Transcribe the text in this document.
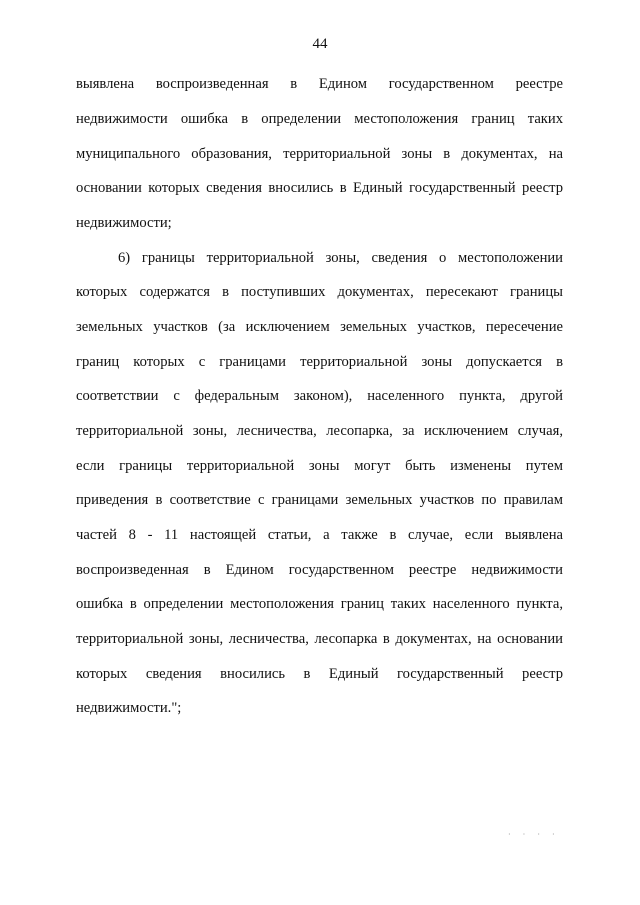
44
выявлена воспроизведенная в Едином государственном реестре
недвижимости ошибка в определении местоположения границ таких
муниципального образования, территориальной зоны в документах, на
основании которых сведения вносились в Единый государственный реестр
недвижимости;
6) границы территориальной зоны, сведения о местоположении
которых содержатся в поступивших документах, пересекают границы
земельных участков (за исключением земельных участков, пересечение
границ которых с границами территориальной зоны допускается в
соответствии с федеральным законом), населенного пункта, другой
территориальной зоны, лесничества, лесопарка, за исключением случая,
если границы территориальной зоны могут быть изменены путем
приведения в соответствие с границами земельных участков по правилам
частей 8 - 11 настоящей статьи, а также в случае, если выявлена
воспроизведенная в Едином государственном реестре недвижимости
ошибка в определении местоположения границ таких населенного пункта,
территориальной зоны, лесничества, лесопарка в документах, на основании
которых сведения вносились в Единый государственный реестр
недвижимости.";
····
